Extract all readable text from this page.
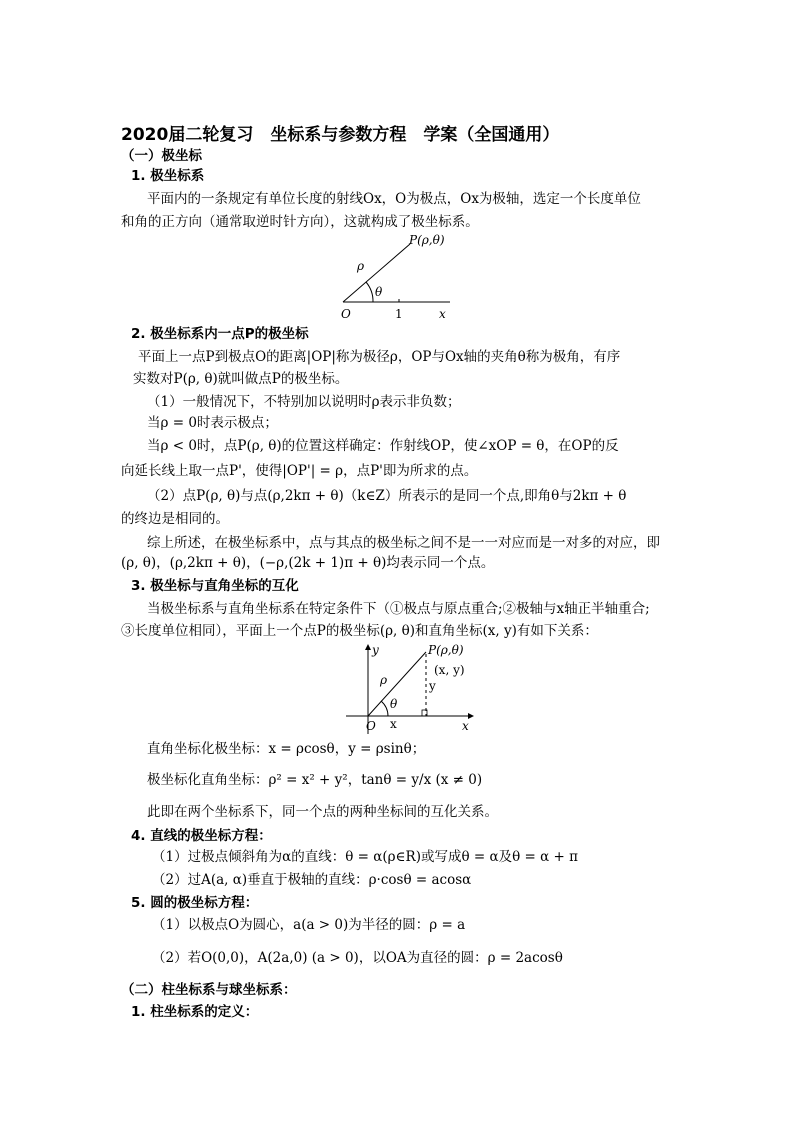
2020届二轮复习　坐标系与参数方程　学案（全国通用）
（一）极坐标
1. 极坐标系
平面内的一条规定有单位长度的射线Ox，O为极点，Ox为极轴，选定一个长度单位
和角的正方向（通常取逆时针方向），这就构成了极坐标系。
P(ρ,θ)
ρ
θ
O	1	x
2. 极坐标系内一点P的极坐标
平面上一点P到极点O的距离|OP|称为极径ρ，OP与Ox轴的夹角θ称为极角，有序
实数对P(ρ, θ)就叫做点P的极坐标。
（1）一般情况下，不特别加以说明时ρ表示非负数；
当ρ = 0时表示极点；
当ρ < 0时，点P(ρ, θ)的位置这样确定：作射线OP，使∠xOP = θ，在OP的反
向延长线上取一点P'，使得|OP'| = ρ，点P'即为所求的点。
（2）点P(ρ, θ)与点(ρ,2kπ + θ)（k∈Z）所表示的是同一个点,即角θ与2kπ + θ
的终边是相同的。
综上所述，在极坐标系中，点与其点的极坐标之间不是一一对应而是一对多的对应，即
(ρ, θ)，(ρ,2kπ + θ)，(−ρ,(2k + 1)π + θ)均表示同一个点。
3. 极坐标与直角坐标的互化
当极坐标系与直角坐标系在特定条件下（①极点与原点重合;②极轴与x轴正半轴重合;
③长度单位相同），平面上一个点P的极坐标(ρ, θ)和直角坐标(x, y)有如下关系：
y	P(ρ,θ)
(x, y)
y
ρ
θ
O x	x
直角坐标化极坐标：x = ρcosθ，y = ρsinθ；
极坐标化直角坐标：ρ² = x² + y²，tanθ = y/x (x ≠ 0)
此即在两个坐标系下，同一个点的两种坐标间的互化关系。
4. 直线的极坐标方程：
（1）过极点倾斜角为α的直线：θ = α(ρ∈R)或写成θ = α及θ = α + π
（2）过A(a, α)垂直于极轴的直线：ρ·cosθ = acosα
5. 圆的极坐标方程：
（1）以极点O为圆心，a(a > 0)为半径的圆：ρ = a
（2）若O(0,0)，A(2a,0) (a > 0)，以OA为直径的圆：ρ = 2acosθ
（二）柱坐标系与球坐标系：
1. 柱坐标系的定义：
